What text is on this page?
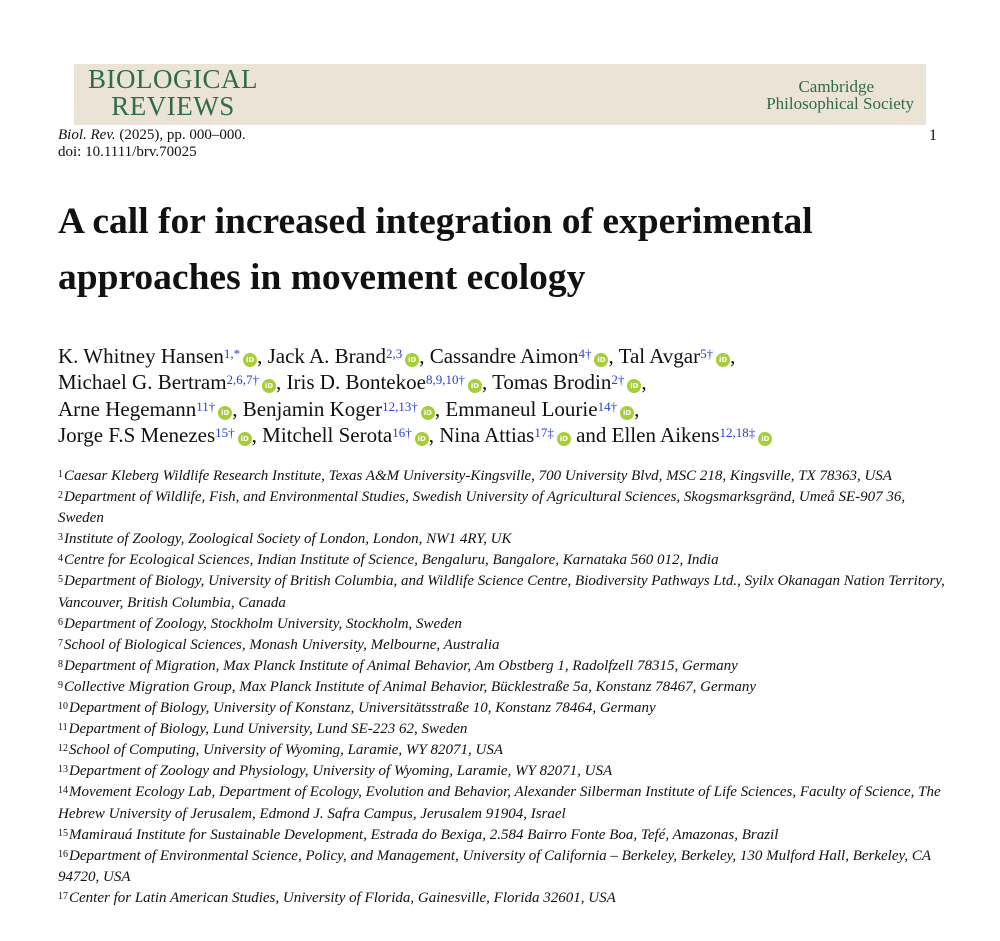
BIOLOGICAL
REVIEWS
Cambridge
Philosophical Society
Biol. Rev. (2025), pp. 000–000.
doi: 10.1111/brv.70025
1
A call for increased integration of experimental approaches in movement ecology

K. Whitney Hansen$^{1,*}$ iD , Jack A. Brand$^{2,3}$ iD , Cassandre Aimon$^{4\dagger}$ iD , Tal Avgar$^{5\dagger}$ iD ,
Michael G. Bertram$^{2,6,7\dagger}$ iD , Iris D. Bontekoe$^{8,9,10\dagger}$ iD , Tomas Brodin$^{2\dagger}$ iD ,
Arne Hegemann$^{11\dagger}$ iD , Benjamin Koger$^{12,13\dagger}$ iD , Emmaneul Lourie$^{14\dagger}$ iD ,
Jorge F.S Menezes$^{15\dagger}$ iD , Mitchell Serota$^{16\dagger}$ iD , Nina Attias$^{17\ddagger}$ iD and Ellen Aikens$^{12,18\ddagger}$ iD

$^1$Caesar Kleberg Wildlife Research Institute, Texas A&M University-Kingsville, 700 University Blvd, MSC 218, Kingsville, TX 78363, USA

$^2$Department of Wildlife, Fish, and Environmental Studies, Swedish University of Agricultural Sciences, Skogsmarksgränd, Umeå SE-907 36, Sweden

$^3$Institute of Zoology, Zoological Society of London, London, NW1 4RY, UK

$^4$Centre for Ecological Sciences, Indian Institute of Science, Bengaluru, Bangalore, Karnataka 560 012, India

$^5$Department of Biology, University of British Columbia, and Wildlife Science Centre, Biodiversity Pathways Ltd., Syilx Okanagan Nation Territory, Vancouver, British Columbia, Canada

$^6$Department of Zoology, Stockholm University, Stockholm, Sweden

$^7$School of Biological Sciences, Monash University, Melbourne, Australia

$^8$Department of Migration, Max Planck Institute of Animal Behavior, Am Obstberg 1, Radolfzell 78315, Germany

$^9$Collective Migration Group, Max Planck Institute of Animal Behavior, Bücklestraße 5a, Konstanz 78467, Germany

$^{10}$Department of Biology, University of Konstanz, Universitätsstraße 10, Konstanz 78464, Germany

$^{11}$Department of Biology, Lund University, Lund SE-223 62, Sweden

$^{12}$School of Computing, University of Wyoming, Laramie, WY 82071, USA

$^{13}$Department of Zoology and Physiology, University of Wyoming, Laramie, WY 82071, USA

$^{14}$Movement Ecology Lab, Department of Ecology, Evolution and Behavior, Alexander Silberman Institute of Life Sciences, Faculty of Science, The Hebrew University of Jerusalem, Edmond J. Safra Campus, Jerusalem 91904, Israel

$^{15}$Mamirauá Institute for Sustainable Development, Estrada do Bexiga, 2.584 Bairro Fonte Boa, Tefé, Amazonas, Brazil

$^{16}$Department of Environmental Science, Policy, and Management, University of California – Berkeley, Berkeley, 130 Mulford Hall, Berkeley, CA 94720, USA

$^{17}$Center for Latin American Studies, University of Florida, Gainesville, Florida 32601, USA
